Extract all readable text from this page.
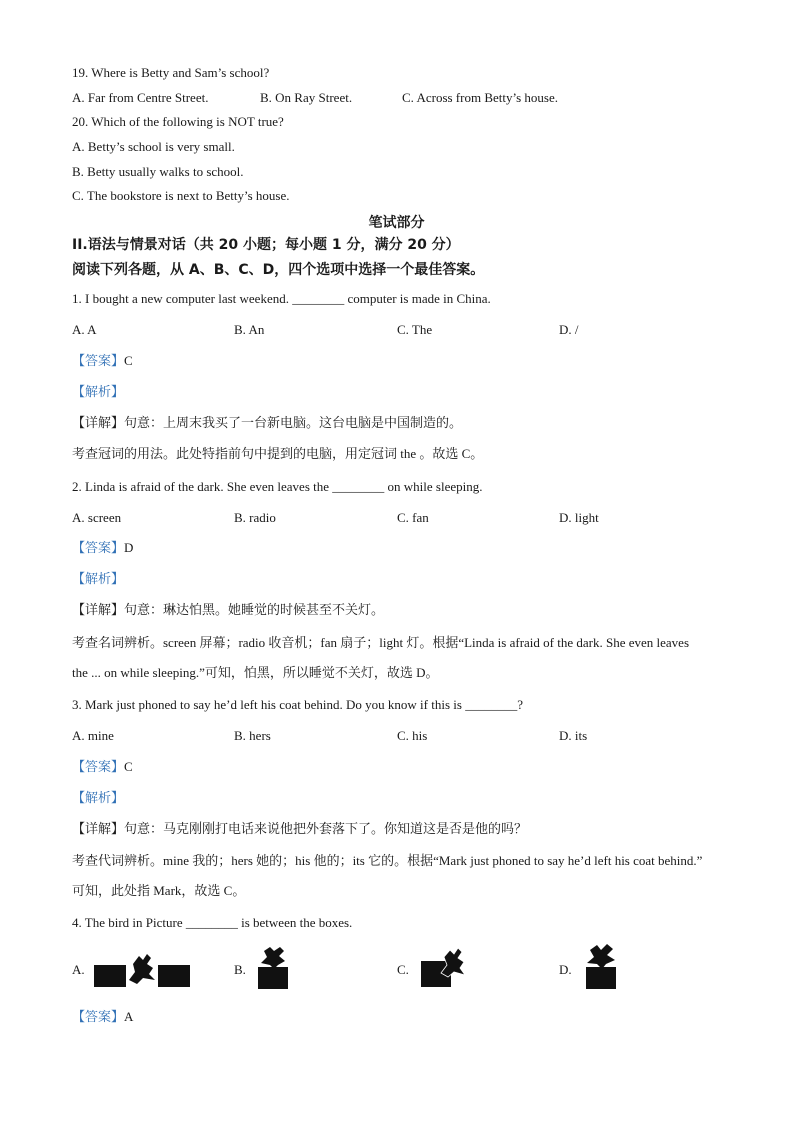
19. Where is Betty and Sam’s school?
A. Far from Centre Street.	B. On Ray Street.	C. Across from Betty’s house.
20. Which of the following is NOT true?
A. Betty’s school is very small.
B. Betty usually walks to school.
C. The bookstore is next to Betty’s house.
笔试部分
II.语法与情景对话（共 20 小题；每小题 1 分，满分 20 分）
阅读下列各题，从 A、B、C、D，四个选项中选择一个最佳答案。
1. I bought a new computer last weekend. ________ computer is made in China.
A. A	B. An	C. The	D. /
【答案】C
【解析】
【详解】句意：上周末我买了一台新电脑。这台电脑是中国制造的。
考查冠词的用法。此处特指前句中提到的电脑，用定冠词 the 。故选 C。
2. Linda is afraid of the dark. She even leaves the ________ on while sleeping.
A. screen	B. radio	C. fan	D. light
【答案】D
【解析】
【详解】句意：琳达怕黑。她睡觉的时候甚至不关灯。
考查名词辨析。screen 屏幕；radio 收音机；fan 扇子；light 灯。根据“Linda is afraid of the dark. She even leaves
the ... on while sleeping.”可知，怕黑，所以睡觉不关灯，故选 D。
3. Mark just phoned to say he’d left his coat behind. Do you know if this is ________?
A. mine	B. hers	C. his	D. its
【答案】C
【解析】
【详解】句意：马克刚刚打电话来说他把外套落下了。你知道这是否是他的吗？
考查代词辨析。mine 我的；hers 她的；his 他的；its 它的。根据“Mark just phoned to say he’d left his coat behind.”
可知，此处指 Mark，故选 C。
4. The bird in Picture ________ is between the boxes.
A.	B.	C.	D.
【答案】A
